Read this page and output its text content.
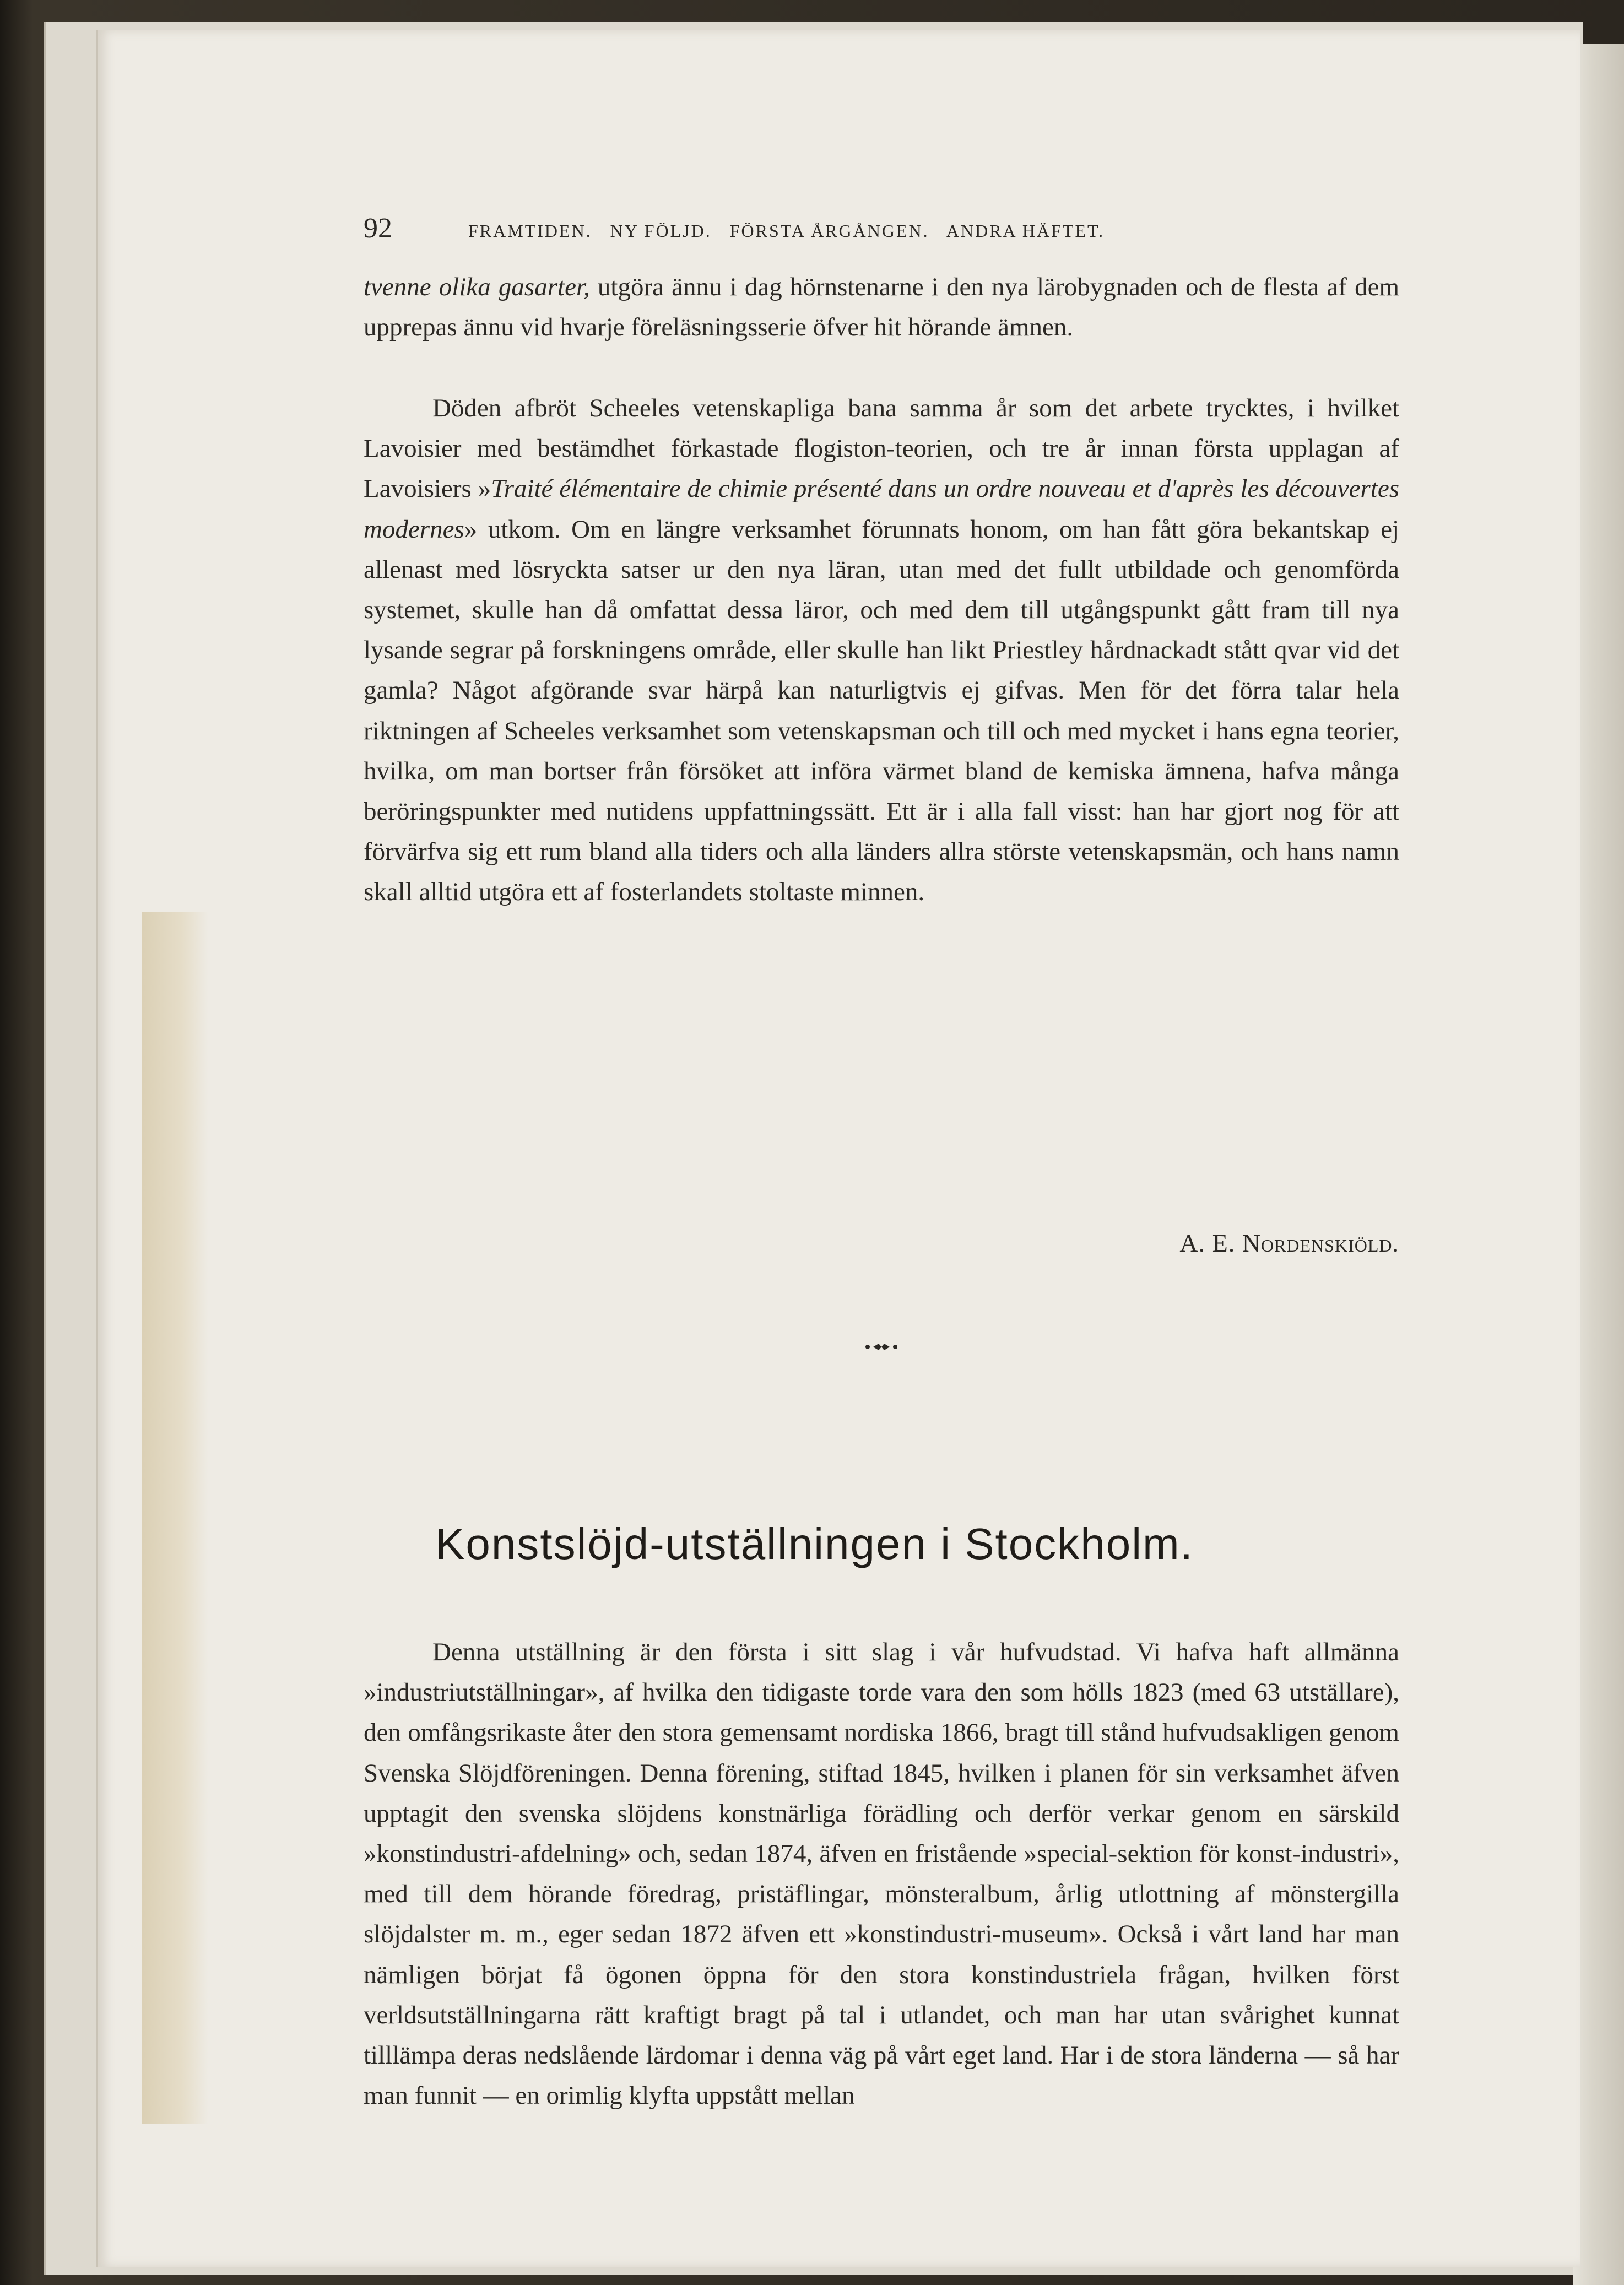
92	FRAMTIDEN.   NY FÖLJD.   FÖRSTA ÅRGÅNGEN.   ANDRA HÄFTET.

tvenne olika gasarter, utgöra ännu i dag hörnstenarne i den nya lärobygnaden och de flesta af dem upprepas ännu vid hvarje föreläsningsserie öfver hit hörande ämnen.

Döden afbröt Scheeles vetenskapliga bana samma år som det arbete trycktes, i hvilket Lavoisier med bestämdhet förkastade flogiston-teorien, och tre år innan första upplagan af Lavoisiers »Traité élémentaire de chimie présenté dans un ordre nouveau et d'après les découvertes modernes» utkom. Om en längre verksamhet förunnats honom, om han fått göra bekantskap ej allenast med lösryckta satser ur den nya läran, utan med det fullt utbildade och genomförda systemet, skulle han då omfattat dessa läror, och med dem till utgångspunkt gått fram till nya lysande segrar på forskningens område, eller skulle han likt Priestley hårdnackadt stått qvar vid det gamla? Något afgörande svar härpå kan naturligtvis ej gifvas. Men för det förra talar hela riktningen af Scheeles verksamhet som vetenskapsman och till och med mycket i hans egna teorier, hvilka, om man bortser från försöket att införa värmet bland de kemiska ämnena, hafva många beröringspunkter med nutidens uppfattningssätt. Ett är i alla fall visst: han har gjort nog för att förvärfva sig ett rum bland alla tiders och alla länders allra störste vetenskapsmän, och hans namn skall alltid utgöra ett af fosterlandets stoltaste minnen.

A. E. Nordenskiöld.
Konstslöjd-utställningen i Stockholm.

Denna utställning är den första i sitt slag i vår hufvudstad. Vi hafva haft allmänna »industriutställningar», af hvilka den tidigaste torde vara den som hölls 1823 (med 63 utställare), den omfångsrikaste åter den stora gemensamt nordiska 1866, bragt till stånd hufvudsakligen genom Svenska Slöjdföreningen. Denna förening, stiftad 1845, hvilken i planen för sin verksamhet äfven upptagit den svenska slöjdens konstnärliga förädling och derför verkar genom en särskild »konstindustri-afdelning» och, sedan 1874, äfven en fristående »special-sektion för konst-industri», med till dem hörande föredrag, pristäflingar, mönsteralbum, årlig utlottning af mönstergilla slöjdalster m. m., eger sedan 1872 äfven ett »konstindustri-museum». Också i vårt land har man nämligen börjat få ögonen öppna för den stora konstindustriela frågan, hvilken först verldsutställningarna rätt kraftigt bragt på tal i utlandet, och man har utan svårighet kunnat tilllämpa deras nedslående lärdomar i denna väg på vårt eget land. Har i de stora länderna — så har man funnit — en orimlig klyfta uppstått mellan
